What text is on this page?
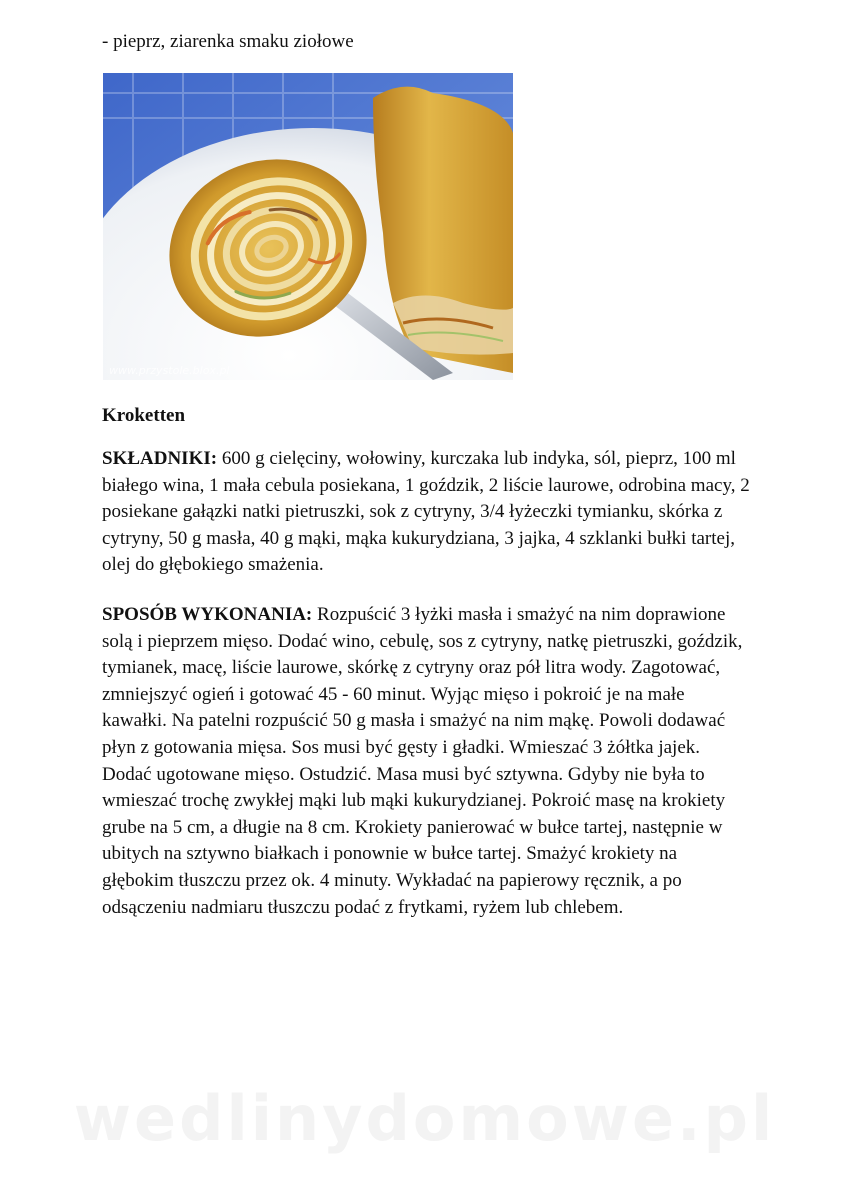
- pieprz, ziarenka smaku ziołowe
www.przystole.blox.pl
Kroketten
SKŁADNIKI: 600 g cielęciny, wołowiny, kurczaka lub indyka, sól, pieprz, 100 ml białego wina, 1 mała cebula posiekana, 1 goździk, 2 liście laurowe, odrobina macy, 2 posiekane gałązki natki pietruszki, sok z cytryny, 3/4 łyżeczki tymianku, skórka z cytryny, 50 g masła, 40 g mąki, mąka kukurydziana, 3 jajka, 4 szklanki bułki tartej, olej do głębokiego smażenia.
SPOSÓB WYKONANIA: Rozpuścić 3 łyżki masła i smażyć na nim doprawione solą i pieprzem mięso. Dodać wino, cebulę, sos z cytryny, natkę pietruszki, goździk, tymianek, macę, liście laurowe, skórkę z cytryny oraz pół litra wody. Zagotować, zmniejszyć ogień i gotować 45 - 60 minut. Wyjąc mięso i pokroić je na małe kawałki. Na patelni rozpuścić 50 g masła i smażyć na nim mąkę. Powoli dodawać płyn z gotowania mięsa. Sos musi być gęsty i gładki. Wmieszać 3 żółtka jajek. Dodać ugotowane mięso. Ostudzić. Masa musi być sztywna. Gdyby nie była to wmieszać trochę zwykłej mąki lub mąki kukurydzianej. Pokroić masę na krokiety grube na 5 cm, a długie na 8 cm. Krokiety panierować w bułce tartej, następnie w ubitych na sztywno białkach i ponownie w bułce tartej. Smażyć krokiety na głębokim tłuszczu przez ok. 4 minuty. Wykładać na papierowy ręcznik, a po odsączeniu nadmiaru tłuszczu podać z frytkami, ryżem lub chlebem.
wedlinydomowe.pl
